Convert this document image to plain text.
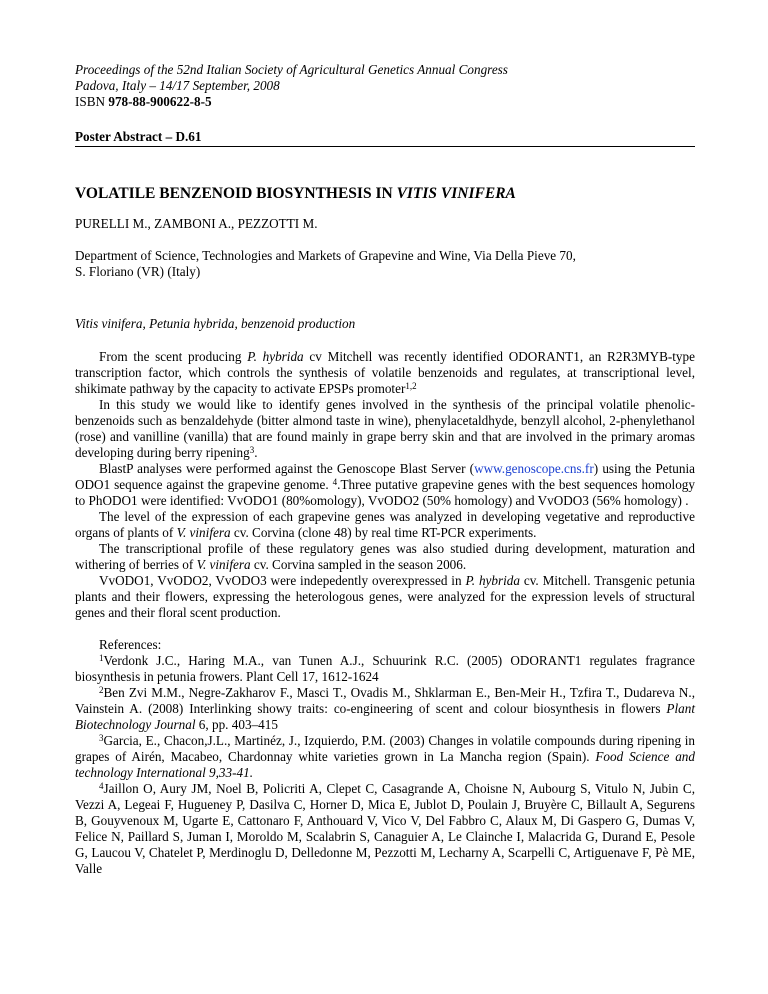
Proceedings of the 52nd Italian Society of Agricultural Genetics Annual Congress
Padova, Italy – 14/17 September, 2008
ISBN 978-88-900622-8-5
Poster Abstract – D.61
VOLATILE BENZENOID BIOSYNTHESIS IN VITIS VINIFERA
PURELLI M., ZAMBONI A., PEZZOTTI M.
Department of Science, Technologies and Markets of Grapevine and Wine, Via Della Pieve 70,
S. Floriano (VR) (Italy)
Vitis vinifera, Petunia hybrida, benzenoid production

From the scent producing P. hybrida cv Mitchell was recently identified ODORANT1, an R2R3MYB-type transcription factor, which controls the synthesis of volatile benzenoids and regulates, at transcriptional level, shikimate pathway by the capacity to activate EPSPs promoter$^{1,2}$

In this study we would like to identify genes involved in the synthesis of the principal volatile phenolic-benzenoids such as benzaldehyde (bitter almond taste in wine), phenylacetaldhyde, benzyll alcohol, 2-phenylethanol (rose) and vanilline (vanilla) that are found mainly in grape berry skin and that are involved in the primary aromas developing during berry ripening$^3$.

BlastP analyses were performed against the Genoscope Blast Server (www.genoscope.cns.fr) using the Petunia ODO1 sequence against the grapevine genome. $^4$.Three putative grapevine genes with the best sequences homology to PhODO1 were identified: VvODO1 (80%omology), VvODO2 (50% homology) and VvODO3 (56% homology) .

The level of the expression of each grapevine genes was analyzed in developing vegetative and reproductive organs of plants of V. vinifera cv. Corvina (clone 48) by real time RT-PCR experiments.

The transcriptional profile of these regulatory genes was also studied during development, maturation and withering of berries of V. vinifera cv. Corvina sampled in the season 2006.

VvODO1, VvODO2, VvODO3 were indepedently overexpressed in P. hybrida cv. Mitchell. Transgenic petunia plants and their flowers, expressing the heterologous genes, were analyzed for the expression levels of structural genes and their floral scent production.

References:

$^1$Verdonk J.C., Haring M.A., van Tunen A.J., Schuurink R.C. (2005) ODORANT1 regulates fragrance biosynthesis in petunia frowers. Plant Cell 17, 1612-1624

$^2$Ben Zvi M.M., Negre-Zakharov F., Masci T., Ovadis M., Shklarman E., Ben-Meir H., Tzfira T., Dudareva N., Vainstein A. (2008) Interlinking showy traits: co-engineering of scent and colour biosynthesis in flowers Plant Biotechnology Journal 6, pp. 403–415

$^3$Garcia, E., Chacon,J.L., Martinéz, J., Izquierdo, P.M. (2003) Changes in volatile compounds during ripening in grapes of Airén, Macabeo, Chardonnay white varieties grown in La Mancha region (Spain). Food Science and technology International 9,33-41.

$^4$Jaillon O, Aury JM, Noel B, Policriti A, Clepet C, Casagrande A, Choisne N, Aubourg S, Vitulo N, Jubin C, Vezzi A, Legeai F, Hugueney P, Dasilva C, Horner D, Mica E, Jublot D, Poulain J, Bruyère C, Billault A, Segurens B, Gouyvenoux M, Ugarte E, Cattonaro F, Anthouard V, Vico V, Del Fabbro C, Alaux M, Di Gaspero G, Dumas V, Felice N, Paillard S, Juman I, Moroldo M, Scalabrin S, Canaguier A, Le Clainche I, Malacrida G, Durand E, Pesole G, Laucou V, Chatelet P, Merdinoglu D, Delledonne M, Pezzotti M, Lecharny A, Scarpelli C, Artiguenave F, Pè ME, Valle
